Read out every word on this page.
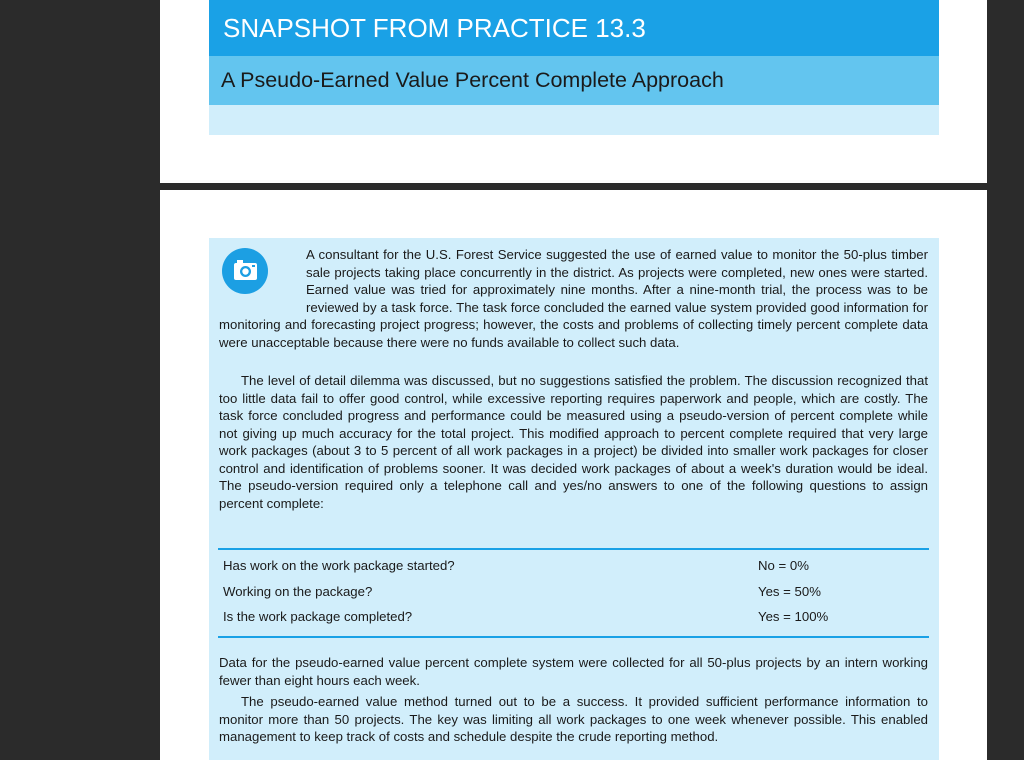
SNAPSHOT FROM PRACTICE 13.3
A Pseudo-Earned Value Percent Complete Approach

A consultant for the U.S. Forest Service suggested the use of earned value to monitor the 50-plus timber sale projects taking place concurrently in the district. As projects were completed, new ones were started. Earned value was tried for approximately nine months. After a nine-month trial, the process was to be reviewed by a task force. The task force concluded the earned value system provided good information for monitoring and forecasting project progress; however, the costs and problems of collecting timely percent complete data were unacceptable because there were no funds available to collect such data.

The level of detail dilemma was discussed, but no suggestions satisfied the problem. The discussion recognized that too little data fail to offer good control, while excessive reporting requires paperwork and people, which are costly. The task force concluded progress and performance could be measured using a pseudo-version of percent complete while not giving up much accuracy for the total project. This modified approach to percent complete required that very large work packages (about 3 to 5 percent of all work packages in a project) be divided into smaller work packages for closer control and identification of problems sooner. It was decided work packages of about a week's duration would be ideal. The pseudo-version required only a telephone call and yes/no answers to one of the following questions to assign percent complete:

Has work on the work package started?	No = 0%
Working on the package?	Yes = 50%
Is the work package completed?	Yes = 100%

Data for the pseudo-earned value percent complete system were collected for all 50-plus projects by an intern working fewer than eight hours each week.

The pseudo-earned value method turned out to be a success. It provided sufficient performance information to monitor more than 50 projects. The key was limiting all work packages to one week whenever possible. This enabled management to keep track of costs and schedule despite the crude reporting method.
